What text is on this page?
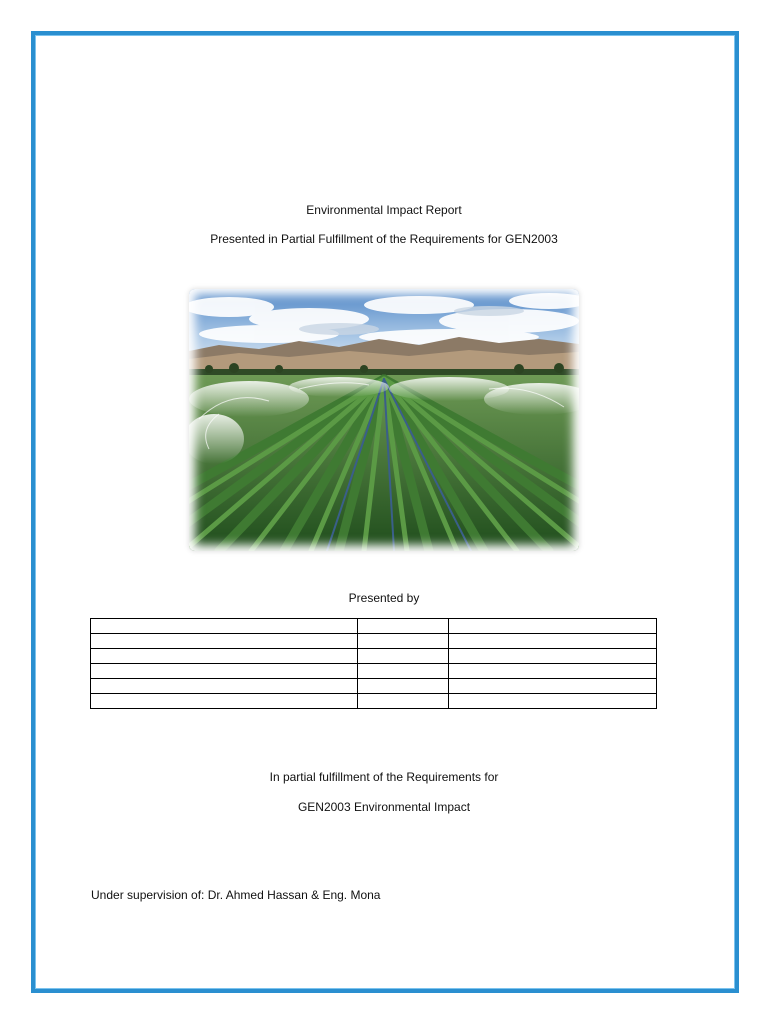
Environmental Impact Report
Presented in Partial Fulfillment of the Requirements for GEN2003
Presented by

In partial fulfillment of the Requirements for
GEN2003 Environmental Impact
Under supervision of: Dr. Ahmed Hassan & Eng. Mona
